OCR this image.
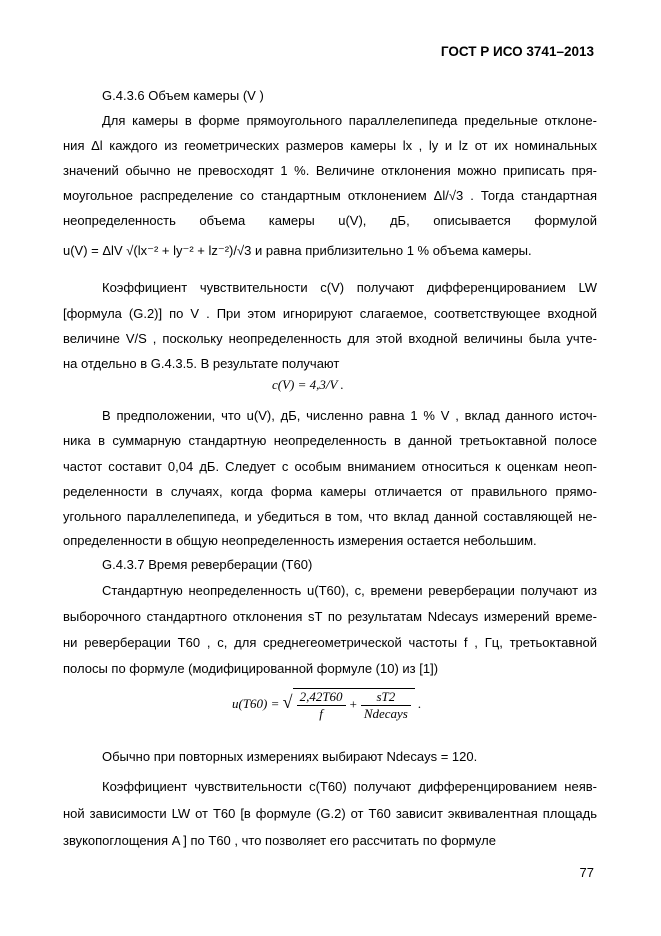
ГОСТ Р ИСО 3741–2013
G.4.3.6 Объем камеры (V )
Для камеры в форме прямоугольного параллелепипеда предельные отклоне-
ния Δl каждого из геометрических размеров камеры lx , ly и lz от их номинальных
значений обычно не превосходят 1 %. Величине отклонения можно приписать пря-
моугольное распределение со стандартным отклонением Δl/√3 . Тогда стандартная
неопределенность объема камеры u(V), дБ, описывается формулой
u(V) = ΔlV √(lx⁻² + ly⁻² + lz⁻²)/√3 и равна приблизительно 1 % объема камеры.
Коэффициент чувствительности c(V) получают дифференцированием LW
[формула (G.2)] по V . При этом игнорируют слагаемое, соответствующее входной
величине V/S , поскольку неопределенность для этой входной величины была учте-
на отдельно в G.4.3.5. В результате получают
c(V) = 4,3/V .
В предположении, что u(V), дБ, численно равна 1 % V , вклад данного источ-
ника в суммарную стандартную неопределенность в данной третьоктавной полосе
частот составит 0,04 дБ. Следует с особым вниманием относиться к оценкам неоп-
ределенности в случаях, когда форма камеры отличается от правильного прямо-
угольного параллелепипеда, и убедиться в том, что вклад данной составляющей не-
определенности в общую неопределенность измерения остается небольшим.
G.4.3.7 Время реверберации (T60)
Стандартную неопределенность u(T60), с, времени реверберации получают из
выборочного стандартного отклонения sT по результатам Ndecays измерений време-
ни реверберации T60 , с, для среднегеометрической частоты f , Гц, третьоктавной
полосы по формуле (модифицированной формуле (10) из [1])
u(T60) = √ $\frac{2,42T60}{f} + \frac{sT2}{\text{Ndecays}}$ .
Обычно при повторных измерениях выбирают Ndecays = 120.
Коэффициент чувствительности c(T60) получают дифференцированием неяв-
ной зависимости LW от T60 [в формуле (G.2) от T60 зависит эквивалентная площадь
звукопоглощения A ] по T60 , что позволяет его рассчитать по формуле
77
